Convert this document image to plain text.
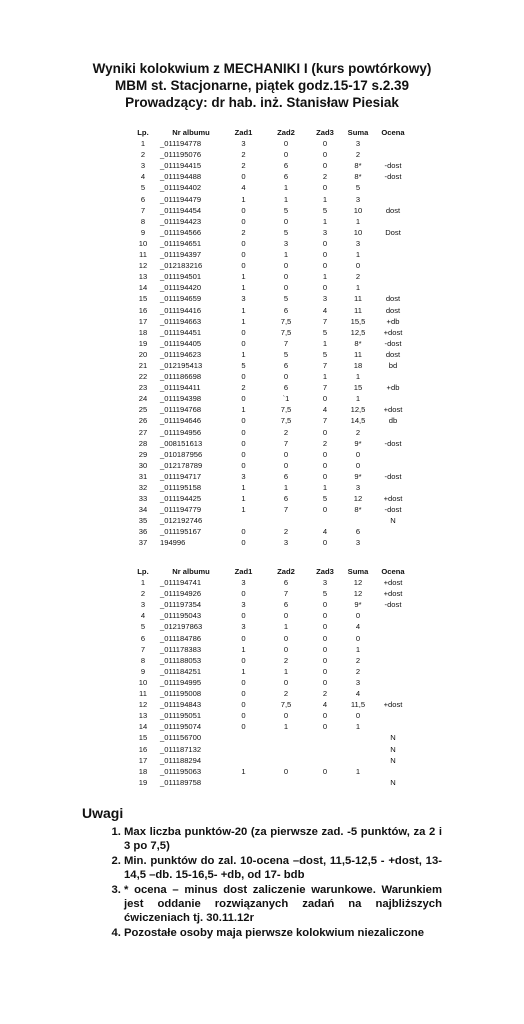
Wyniki kolokwium z MECHANIKI I (kurs powtórkowy)
MBM st. Stacjonarne, piątek godz.15-17 s.2.39
Prowadzący: dr hab. inż. Stanisław Piesiak
Lp.	Nr albumu	Zad1	Zad2	Zad3	Suma	Ocena
1	_011194778	3	0	0	3	
2	_011195076	2	0	0	2	
3	_011194415	2	6	0	8*	-dost
4	_011194488	0	6	2	8*	-dost
5	_011194402	4	1	0	5	
6	_011194479	1	1	1	3	
7	_011194454	0	5	5	10	dost
8	_011194423	0	0	1	1	
9	_011194566	2	5	3	10	Dost
10	_011194651	0	3	0	3	
11	_011194397	0	1	0	1	
12	_012183216	0	0	0	0	
13	_011194501	1	0	1	2	
14	_011194420	1	0	0	1	
15	_011194659	3	5	3	11	dost
16	_011194416	1	6	4	11	dost
17	_011194663	1	7,5	7	15,5	+db
18	_011194451	0	7,5	5	12,5	+dost
19	_011194405	0	7	1	8*	-dost
20	_011194623	1	5	5	11	dost
21	_012195413	5	6	7	18	bd
22	_011186698	0	0	1	1	
23	_011194411	2	6	7	15	+db
24	_011194398	0	`1	0	1	
25	_011194768	1	7,5	4	12,5	+dost
26	_011194646	0	7,5	7	14,5	db
27	_011194956	0	2	0	2	
28	_008151613	0	7	2	9*	-dost
29	_010187956	0	0	0	0	
30	_012178789	0	0	0	0	
31	_011194717	3	6	0	9*	-dost
32	_011195158	1	1	1	3	
33	_011194425	1	6	5	12	+dost
34	_011194779	1	7	0	8*	-dost
35	_012192746					N
36	_011195167	0	2	4	6	
37	194996	0	3	0	3	
Lp.	Nr albumu	Zad1	Zad2	Zad3	Suma	Ocena
1	_011194741	3	6	3	12	+dost
2	_011194926	0	7	5	12	+dost
3	_011197354	3	6	0	9*	-dost
4	_011195043	0	0	0	0	
5	_012197863	3	1	0	4	
6	_011184786	0	0	0	0	
7	_011178383	1	0	0	1	
8	_011188053	0	2	0	2	
9	_011184251	1	1	0	2	
10	_011194995	0	0	0	3	
11	_011195008	0	2	2	4	
12	_011194843	0	7,5	4	11,5	+dost
13	_011195051	0	0	0	0	
14	_011195074	0	1	0	1	
15	_011156700					N
16	_011187132					N
17	_011188294					N
18	_011195063	1	0	0	1	
19	_011189758					N
Uwagi
1. Max liczba punktów-20 (za pierwsze zad. -5 punktów, za 2 i 3 po 7,5)
2. Min. punktów do zal. 10-ocena –dost, 11,5-12,5 - +dost, 13-14,5 –db. 15-16,5- +db, od 17- bdb
3. * ocena – minus dost zaliczenie warunkowe. Warunkiem jest oddanie rozwiązanych zadań na najbliższych ćwiczeniach tj. 30.11.12r
4. Pozostałe osoby maja pierwsze kolokwium niezaliczone
